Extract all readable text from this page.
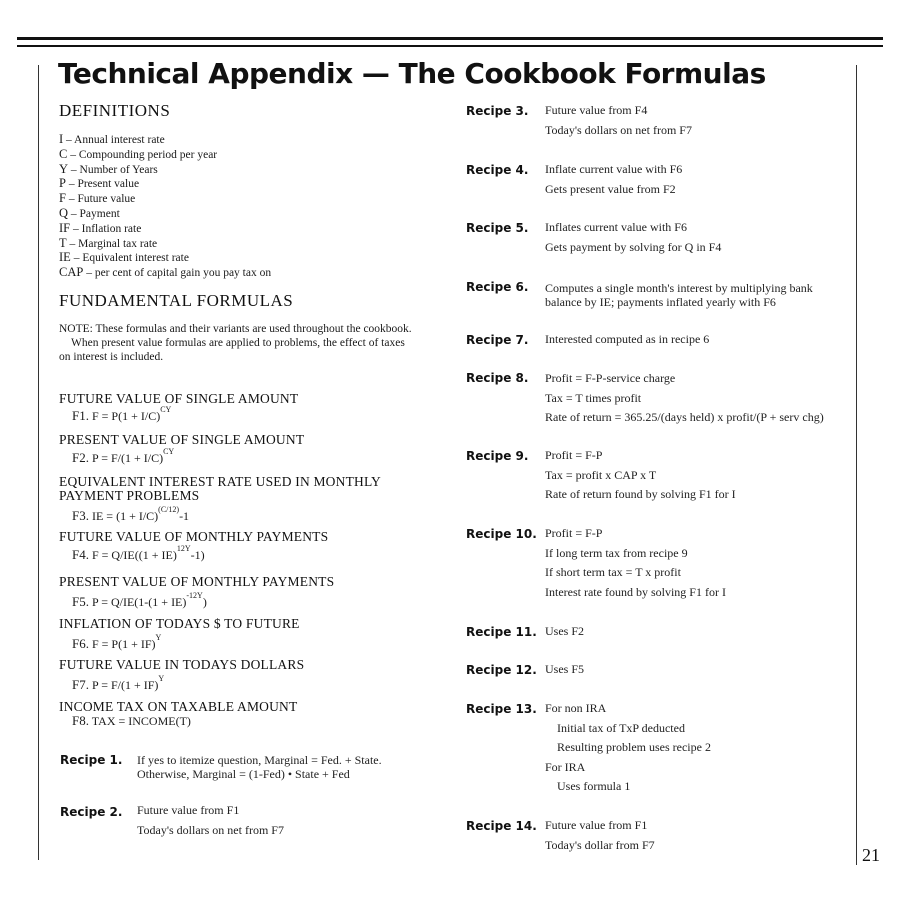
Technical Appendix — The Cookbook Formulas
DEFINITIONS
I – Annual interest rate
C – Compounding period per year
Y – Number of Years
P – Present value
F – Future value
Q – Payment
IF – Inflation rate
T – Marginal tax rate
IE – Equivalent interest rate
CAP – per cent of capital gain you pay tax on
FUNDAMENTAL FORMULAS

NOTE: These formulas and their variants are used throughout the cookbook.

When present value formulas are applied to problems, the effect of taxes on interest is included.

FUTURE VALUE OF SINGLE AMOUNT
F1. $F = P(1 + I/C)^{CY}$
PRESENT VALUE OF SINGLE AMOUNT
F2. $P = F/(1 + I/C)^{CY}$
EQUIVALENT INTEREST RATE USED IN MONTHLY PAYMENT PROBLEMS
F3. IE = $(1 + I/C)^{(C/12)}-1$
FUTURE VALUE OF MONTHLY PAYMENTS
F4. F = Q/IE((1 + IE)$^{12Y}$-1)
PRESENT VALUE OF MONTHLY PAYMENTS
F5. P = Q/IE(1-(1 + IE)$^{-12Y}$)
INFLATION OF TODAYS $ TO FUTURE
F6. F = P(1 + IF)$^Y$
FUTURE VALUE IN TODAYS DOLLARS
F7. P = F/(1 + IF)$^Y$
INCOME TAX ON TAXABLE AMOUNT
F8. TAX = INCOME(T)
Recipe 1. If yes to itemize question, Marginal = Fed. + State.
Otherwise, Marginal = (1-Fed) • State + Fed
Recipe 2. Future value from F1
Today's dollars on net from F7
Recipe 3. Future value from F4
Today's dollars on net from F7
Recipe 4. Inflate current value with F6
Gets present value from F2
Recipe 5. Inflates current value with F6
Gets payment by solving for Q in F4
Recipe 6. Computes a single month's interest by multiplying bank
balance by IE; payments inflated yearly with F6
Recipe 7. Interested computed as in recipe 6
Recipe 8. Profit = F-P-service charge
Tax = T times profit
Rate of return = 365.25/(days held) x profit/(P + serv chg)
Recipe 9. Profit = F-P
Tax = profit x CAP x T
Rate of return found by solving F1 for I
Recipe 10. Profit = F-P
If long term tax from recipe 9
If short term tax = T x profit
Interest rate found by solving F1 for I
Recipe 11. Uses F2
Recipe 12. Uses F5
Recipe 13. For non IRA
Initial tax of TxP deducted
Resulting problem uses recipe 2
For IRA
Uses formula 1
Recipe 14. Future value from F1
Today's dollar from F7
21
